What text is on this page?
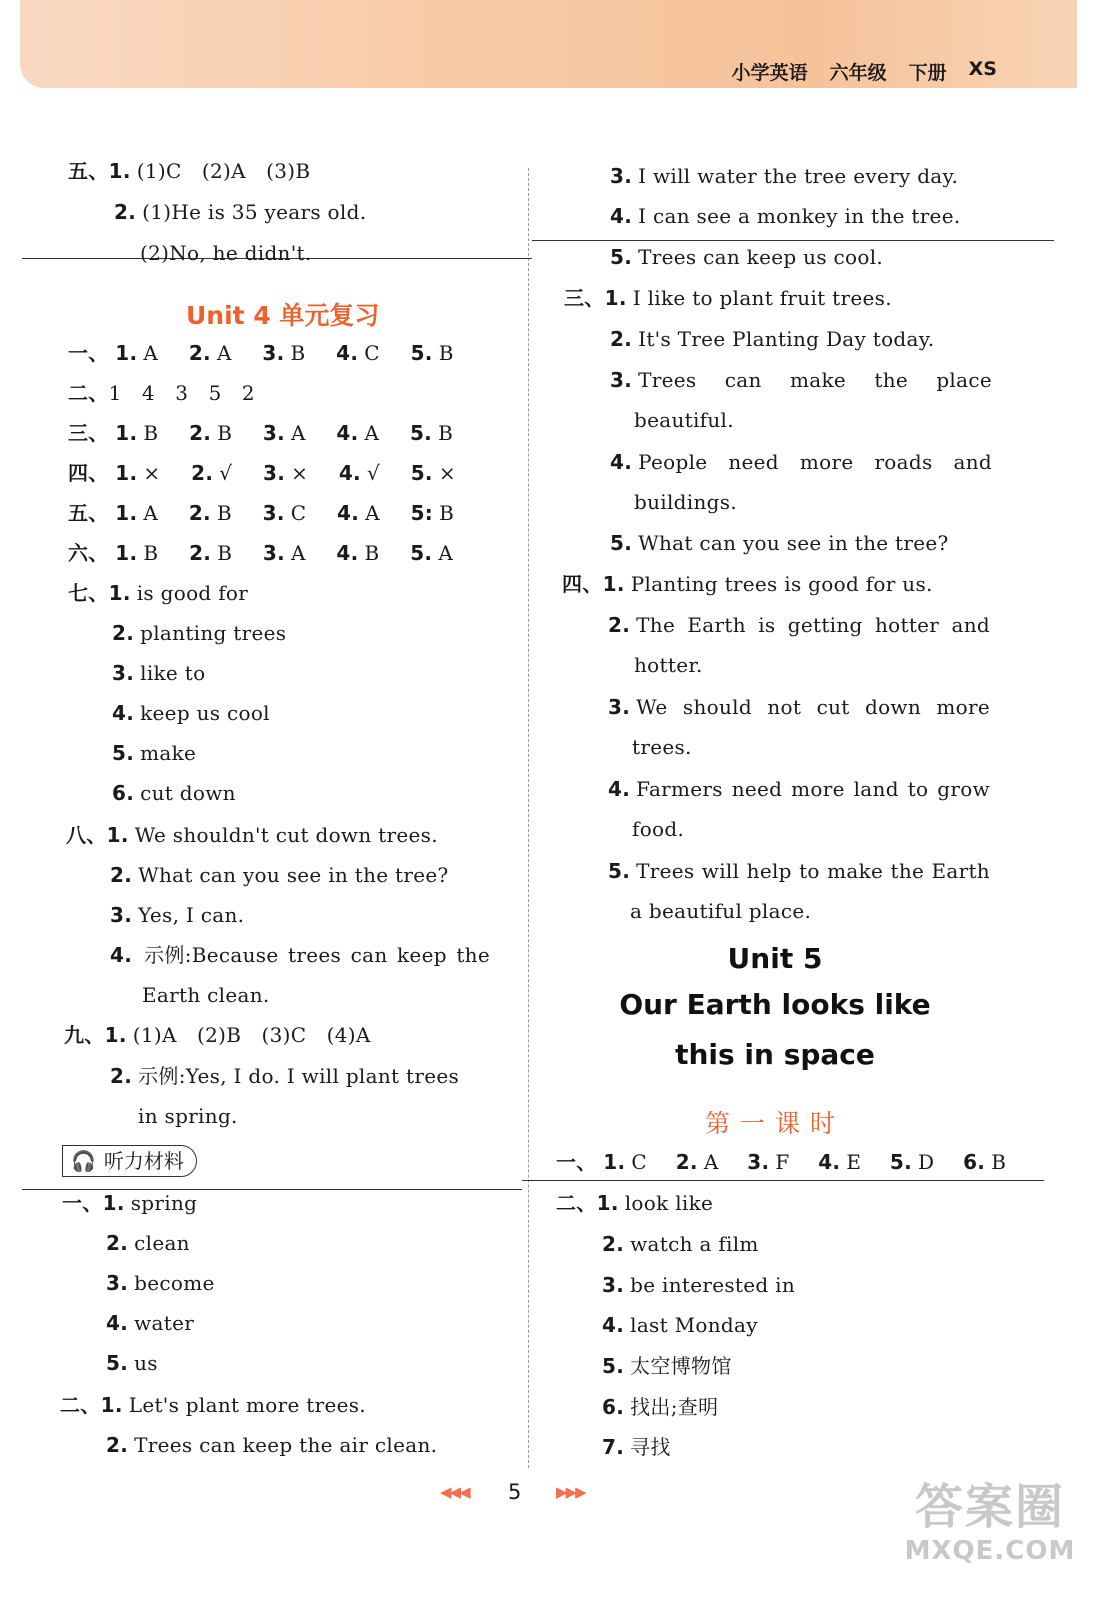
小学英语 六年级 下册 XS
五、1. (1)C　(2)A　(3)B
2. (1)He is 35 years old.
(2)No, he didn't.
Unit 4 单元复习
一、 1. A 2. A 3. B 4. C 5. B
二、1　4　3　5　2
三、 1. B 2. B 3. A 4. A 5. B
四、 1. × 2. √ 3. × 4. √ 5. ×
五、 1. A 2. B 3. C 4. A 5: B
六、 1. B 2. B 3. A 4. B 5. A
七、1. is good for
2. planting trees
3. like to
4. keep us cool
5. make
6. cut down
八、1. We shouldn't cut down trees.
2. What can you see in the tree?
3. Yes, I can.
4. 示例:Because trees can keep the
Earth clean.
九、1. (1)A　(2)B　(3)C　(4)A
2. 示例:Yes, I do. I will plant trees
in spring.
🎧 听力材料
一、1. spring
2. clean
3. become
4. water
5. us
二、1. Let's plant more trees.
2. Trees can keep the air clean.
3. I will water the tree every day.
4. I can see a monkey in the tree.
5. Trees can keep us cool.
三、1. I like to plant fruit trees.
2. It's Tree Planting Day today.
3. Trees can make the place
beautiful.
4. People need more roads and
buildings.
5. What can you see in the tree?
四、1. Planting trees is good for us.
2. The Earth is getting hotter and
hotter.
3. We should not cut down more
trees.
4. Farmers need more land to grow
food.
5. Trees will help to make the Earth
a beautiful place.
Unit 5
Our Earth looks like
this in space
第一课时
一、 1. C 2. A 3. F 4. E 5. D 6. B
二、1. look like
2. watch a film
3. be interested in
4. last Monday
5. 太空博物馆
6. 找出;查明
7. 寻找
◀◀◀ 5 ▶▶▶	答案圈
MXQE.COM
